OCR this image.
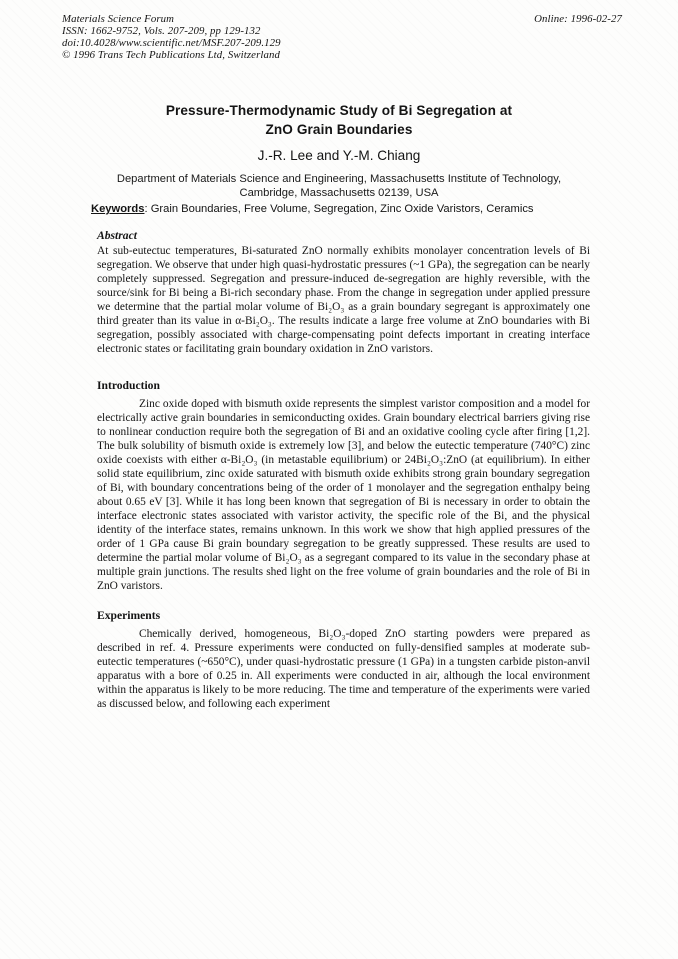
Materials Science Forum
ISSN: 1662-9752, Vols. 207-209, pp 129-132
doi:10.4028/www.scientific.net/MSF.207-209.129
© 1996 Trans Tech Publications Ltd, Switzerland
Online: 1996-02-27
Pressure-Thermodynamic Study of Bi Segregation at
ZnO Grain Boundaries
J.-R. Lee and Y.-M. Chiang
Department of Materials Science and Engineering, Massachusetts Institute of Technology,
Cambridge, Massachusetts 02139, USA
Keywords: Grain Boundaries, Free Volume, Segregation, Zinc Oxide Varistors, Ceramics
Abstract

At sub-eutectuc temperatures, Bi-saturated ZnO normally exhibits monolayer concentration levels of Bi segregation. We observe that under high quasi-hydrostatic pressures (~1 GPa), the segregation can be nearly completely suppressed. Segregation and pressure-induced de-segregation are highly reversible, with the source/sink for Bi being a Bi-rich secondary phase. From the change in segregation under applied pressure we determine that the partial molar volume of Bi₂O₃ as a grain boundary segregant is approximately one third greater than its value in α-Bi₂O₃. The results indicate a large free volume at ZnO boundaries with Bi segregation, possibly associated with charge-compensating point defects important in creating interface electronic states or facilitating grain boundary oxidation in ZnO varistors.

Introduction

Zinc oxide doped with bismuth oxide represents the simplest varistor composition and a model for electrically active grain boundaries in semiconducting oxides. Grain boundary electrical barriers giving rise to nonlinear conduction require both the segregation of Bi and an oxidative cooling cycle after firing [1,2]. The bulk solubility of bismuth oxide is extremely low [3], and below the eutectic temperature (740°C) zinc oxide coexists with either α-Bi₂O₃ (in metastable equilibrium) or 24Bi₂O₃:ZnO (at equilibrium). In either solid state equilibrium, zinc oxide saturated with bismuth oxide exhibits strong grain boundary segregation of Bi, with boundary concentrations being of the order of 1 monolayer and the segregation enthalpy being about 0.65 eV [3]. While it has long been known that segregation of Bi is necessary in order to obtain the interface electronic states associated with varistor activity, the specific role of the Bi, and the physical identity of the interface states, remains unknown. In this work we show that high applied pressures of the order of 1 GPa cause Bi grain boundary segregation to be greatly suppressed. These results are used to determine the partial molar volume of Bi₂O₃ as a segregant compared to its value in the secondary phase at multiple grain junctions. The results shed light on the free volume of grain boundaries and the role of Bi in ZnO varistors.

Experiments

Chemically derived, homogeneous, Bi₂O₃-doped ZnO starting powders were prepared as described in ref. 4. Pressure experiments were conducted on fully-densified samples at moderate sub-eutectic temperatures (~650°C), under quasi-hydrostatic pressure (1 GPa) in a tungsten carbide piston-anvil apparatus with a bore of 0.25 in. All experiments were conducted in air, although the local environment within the apparatus is likely to be more reducing. The time and temperature of the experiments were varied as discussed below, and following each experiment
